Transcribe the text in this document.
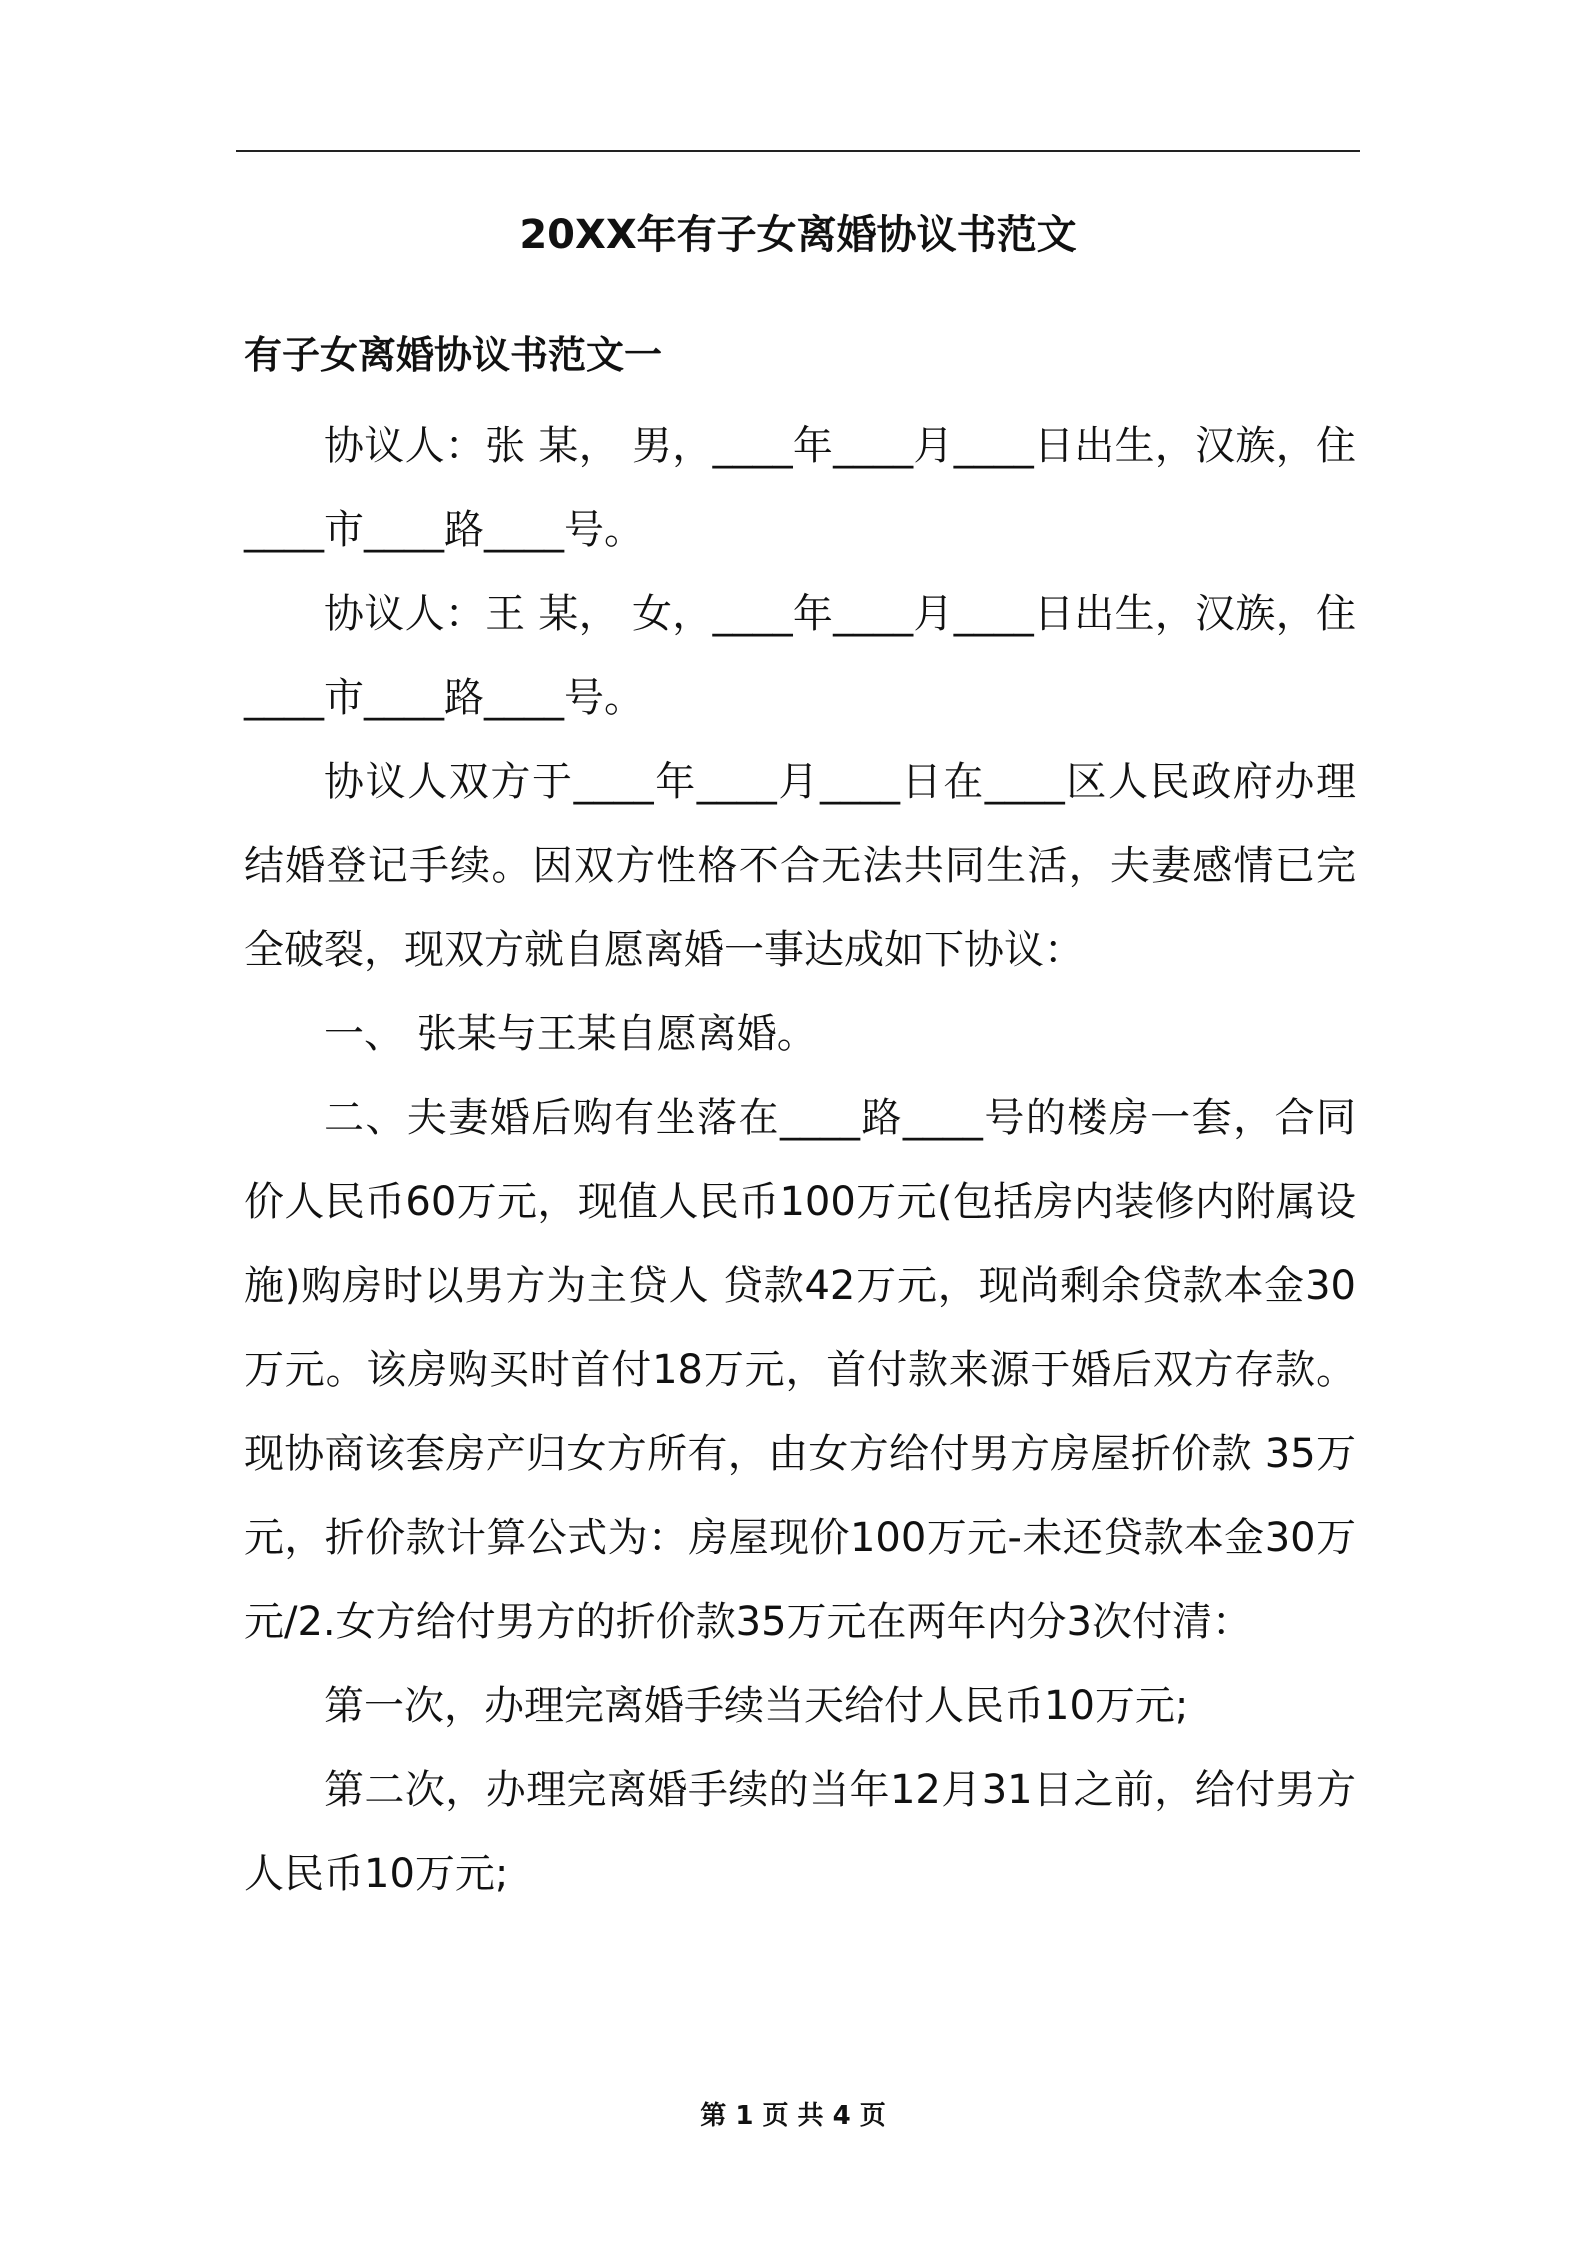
20XX年有子女离婚协议书范文
有子女离婚协议书范文一

协议人：张 某， 男，____年____月____日出生，汉族，住____市____路____号。

协议人：王 某， 女，____年____月____日出生，汉族，住____市____路____号。

协议人双方于____年____月____日在____区人民政府办理结婚登记手续。因双方性格不合无法共同生活，夫妻感情已完全破裂，现双方就自愿离婚一事达成如下协议：

一、 张某与王某自愿离婚。

二、夫妻婚后购有坐落在____路____号的楼房一套，合同价人民币60万元，现值人民币100万元(包括房内装修内附属设施)购房时以男方为主贷人 贷款42万元，现尚剩余贷款本金30万元。该房购买时首付18万元，首付款来源于婚后双方存款。现协商该套房产归女方所有，由女方给付男方房屋折价款 35万元，折价款计算公式为：房屋现价100万元-未还贷款本金30万元/2.女方给付男方的折价款35万元在两年内分3次付清：

第一次，办理完离婚手续当天给付人民币10万元;

第二次，办理完离婚手续的当年12月31日之前，给付男方人民币10万元;

第 1 页 共 4 页
